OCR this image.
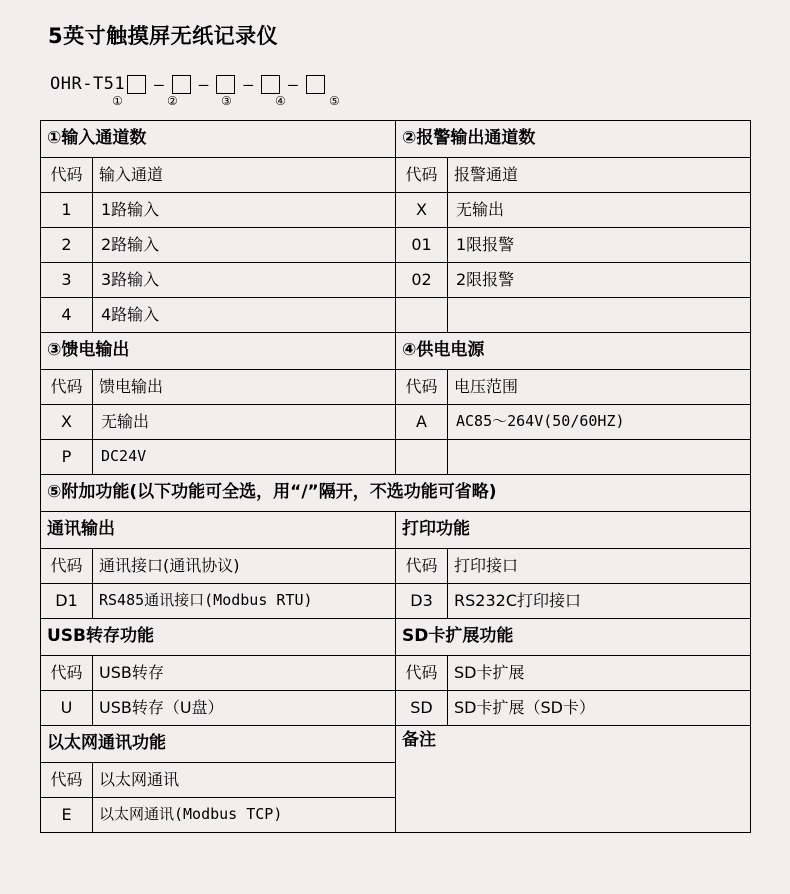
5英寸触摸屏无纸记录仪
OHR-T51 – – – –
①	②	③	④	⑤
①输入通道数		②报警输出通道数	
代码	输入通道	代码	报警通道
1	1路输入	X	无输出
2	2路输入	01	1限报警
3	3路输入	02	2限报警
4	4路输入		
③馈电输出		④供电电源	
代码	馈电输出	代码	电压范围
X	无输出	A	AC85～264V(50/60HZ)
P	DC24V		
⑤附加功能(以下功能可全选，用“/”隔开，不选功能可省略)			
通讯输出		打印功能	
代码	通讯接口(通讯协议)	代码	打印接口
D1	RS485通讯接口(Modbus RTU)	D3	RS232C打印接口
USB转存功能		SD卡扩展功能	
代码	USB转存	代码	SD卡扩展
U	USB转存（U盘）	SD	SD卡扩展（SD卡）
以太网通讯功能		备注	
代码	以太网通讯		
E	以太网通讯(Modbus TCP)		
